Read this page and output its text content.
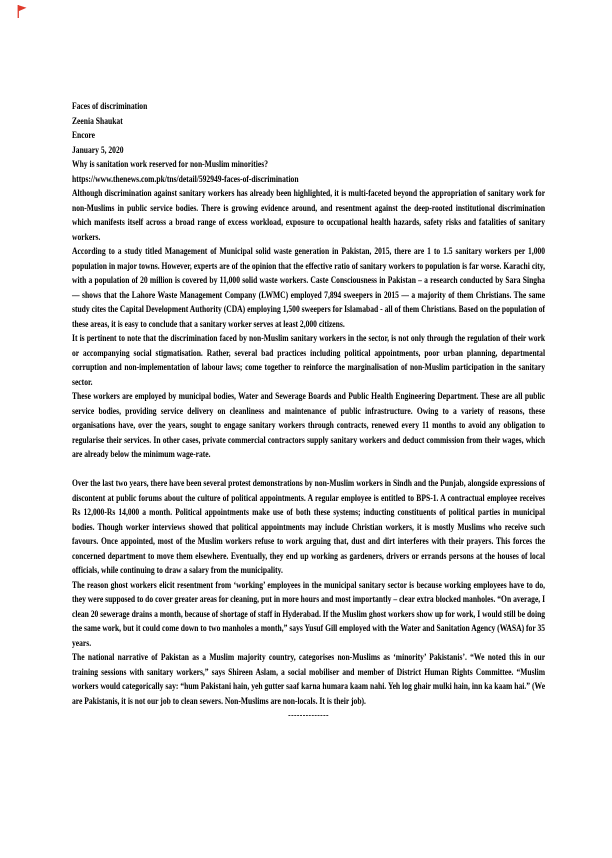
Faces of discrimination
Zeenia Shaukat
Encore
January 5, 2020
Why is sanitation work reserved for non-Muslim minorities?
https://www.thenews.com.pk/tns/detail/592949-faces-of-discrimination

Although discrimination against sanitary workers has already been highlighted, it is multi-faceted beyond the appropriation of sanitary work for non-Muslims in public service bodies. There is growing evidence around, and resentment against the deep-rooted institutional discrimination which manifests itself across a broad range of excess workload, exposure to occupational health hazards, safety risks and fatalities of sanitary workers.

According to a study titled Management of Municipal solid waste generation in Pakistan, 2015, there are 1 to 1.5 sanitary workers per 1,000 population in major towns. However, experts are of the opinion that the effective ratio of sanitary workers to population is far worse. Karachi city, with a population of 20 million is covered by 11,000 solid waste workers. Caste Consciousness in Pakistan – a research conducted by Sara Singha — shows that the Lahore Waste Management Company (LWMC) employed 7,894 sweepers in 2015 — a majority of them Christians. The same study cites the Capital Development Authority (CDA) employing 1,500 sweepers for Islamabad - all of them Christians. Based on the population of these areas, it is easy to conclude that a sanitary worker serves at least 2,000 citizens.

It is pertinent to note that the discrimination faced by non-Muslim sanitary workers in the sector, is not only through the regulation of their work or accompanying social stigmatisation. Rather, several bad practices including political appointments, poor urban planning, departmental corruption and non-implementation of labour laws; come together to reinforce the marginalisation of non-Muslim participation in the sanitary sector.

These workers are employed by municipal bodies, Water and Sewerage Boards and Public Health Engineering Department. These are all public service bodies, providing service delivery on cleanliness and maintenance of public infrastructure. Owing to a variety of reasons, these organisations have, over the years, sought to engage sanitary workers through contracts, renewed every 11 months to avoid any obligation to regularise their services. In other cases, private commercial contractors supply sanitary workers and deduct commission from their wages, which are already below the minimum wage-rate.

Over the last two years, there have been several protest demonstrations by non-Muslim workers in Sindh and the Punjab, alongside expressions of discontent at public forums about the culture of political appointments. A regular employee is entitled to BPS-1. A contractual employee receives Rs 12,000-Rs 14,000 a month. Political appointments make use of both these systems; inducting constituents of political parties in municipal bodies. Though worker interviews showed that political appointments may include Christian workers, it is mostly Muslims who receive such favours. Once appointed, most of the Muslim workers refuse to work arguing that, dust and dirt interferes with their prayers. This forces the concerned department to move them elsewhere. Eventually, they end up working as gardeners, drivers or errands persons at the houses of local officials, while continuing to draw a salary from the municipality.

The reason ghost workers elicit resentment from ‘working’ employees in the municipal sanitary sector is because working employees have to do, they were supposed to do cover greater areas for cleaning, put in more hours and most importantly – clear extra blocked manholes. “On average, I clean 20 sewerage drains a month, because of shortage of staff in Hyderabad. If the Muslim ghost workers show up for work, I would still be doing the same work, but it could come down to two manholes a month,” says Yusuf Gill employed with the Water and Sanitation Agency (WASA) for 35 years.

The national narrative of Pakistan as a Muslim majority country, categorises non-Muslims as ‘minority’ Pakistanis’. “We noted this in our training sessions with sanitary workers,” says Shireen Aslam, a social mobiliser and member of District Human Rights Committee. “Muslim workers would categorically say: “hum Pakistani hain, yeh gutter saaf karna humara kaam nahi. Yeh log ghair mulki hain, inn ka kaam hai.” (We are Pakistanis, it is not our job to clean sewers. Non-Muslims are non-locals. It is their job).

--------------
